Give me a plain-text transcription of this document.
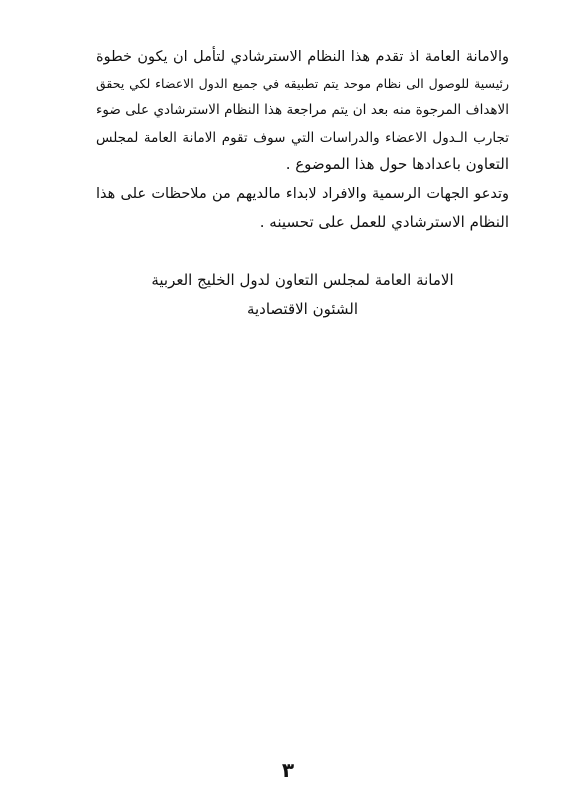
والامانة العامة اذ تقدم هذا النظام الاسترشادي لتأمل ان يكون خطوة
رئيسية للوصول الى نظام موحد يتم تطبيقه في جميع الدول الاعضاء لكي يحقق
الاهداف المرجوة منه بعد ان يتم مراجعة هذا النظام الاسترشادي على ضوء
تجارب الـدول الاعضاء والدراسات التي سوف تقوم الامانة العامة لمجلس
التعاون باعدادها حول هذا الموضوع .
وتدعو الجهات الرسمية والافراد لابداء مالديهم من ملاحظات على هذا
النظام الاسترشادي للعمل على تحسينه .
الامانة العامة لمجلس التعاون لدول الخليج العربية
الشئون الاقتصادية
٣
